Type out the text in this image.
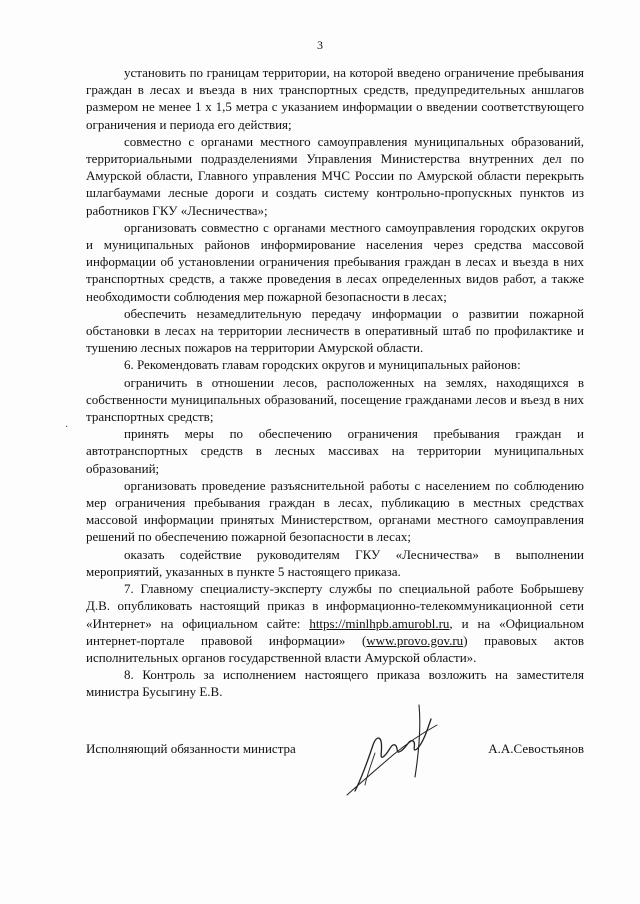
3
·

установить по границам территории, на которой введено ограничение пребывания граждан в лесах и въезда в них транспортных средств, предупредительных аншлагов размером не менее 1 х 1,5 метра с указанием информации о введении соответствующего ограничения и периода его действия;

совместно с органами местного самоуправления муниципальных образований, территориальными подразделениями Управления Министерства внутренних дел по Амурской области, Главного управления МЧС России по Амурской области перекрыть шлагбаумами лесные дороги и создать систему контрольно-пропускных пунктов из работников ГКУ «Лесничества»;

организовать совместно с органами местного самоуправления городских округов и муниципальных районов информирование населения через средства массовой информации об установлении ограничения пребывания граждан в лесах и въезда в них транспортных средств, а также проведения в лесах определенных видов работ, а также необходимости соблюдения мер пожарной безопасности в лесах;

обеспечить незамедлительную передачу информации о развитии пожарной обстановки в лесах на территории лесничеств в оперативный штаб по профилактике и тушению лесных пожаров на территории Амурской области.

6. Рекомендовать главам городских округов и муниципальных районов:

ограничить в отношении лесов, расположенных на землях, находящихся в собственности муниципальных образований, посещение гражданами лесов и въезд в них транспортных средств;

принять меры по обеспечению ограничения пребывания граждан и автотранспортных средств в лесных массивах на территории муниципальных образований;

организовать проведение разъяснительной работы с населением по соблюдению мер ограничения пребывания граждан в лесах, публикацию в местных средствах массовой информации принятых Министерством, органами местного самоуправления решений по обеспечению пожарной безопасности в лесах;

оказать содействие руководителям ГКУ «Лесничества» в выполнении мероприятий, указанных в пункте 5 настоящего приказа.

7. Главному специалисту-эксперту службы по специальной работе Бобрышеву Д.В. опубликовать настоящий приказ в информационно-телекоммуникационной сети «Интернет» на официальном сайте: https://minlhpb.amurobl.ru, и на «Официальном интернет-портале правовой информации» (www.provo.gov.ru) правовых актов исполнительных органов государственной власти Амурской области».

8. Контроль за исполнением настоящего приказа возложить на заместителя министра Бусыгину Е.В.

Исполняющий обязанности министра	А.А.Севостьянов
